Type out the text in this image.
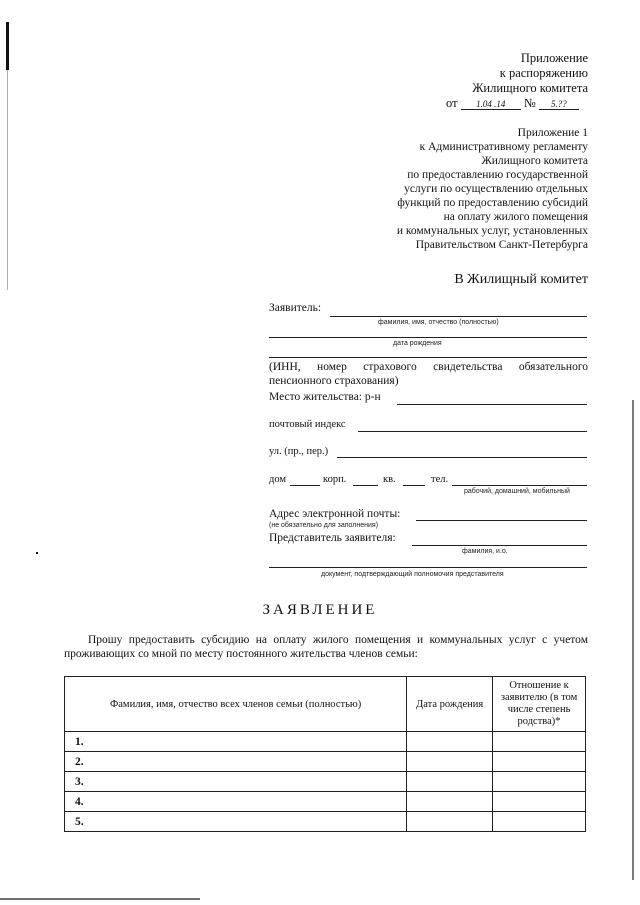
Приложение
к распоряжению
Жилищного комитета
от 1.04 .14 № 5.??
Приложение 1
к Административному регламенту
Жилищного комитета
по предоставлению государственной
услуги по осуществлению отдельных
функций по предоставлению субсидий
на оплату жилого помещения
и коммунальных услуг, установленных
Правительством Санкт-Петербурга
В Жилищный комитет
Заявитель:
фамилия, имя, отчество (полностью)
дата рождения
(ИНН, номер страхового свидетельства обязательного пенсионного страхования)
Место жительства: р-н
почтовый индекс
ул. (пр., пер.)
дом	корп.	кв.	тел.
рабочий, домашний, мобильный
Адрес электронной почты:
(не обязательно для заполнения)
Представитель заявителя:
фамилия, и.о.
документ, подтверждающий полномочия представителя
ЗАЯВЛЕНИЕ
Прошу предоставить субсидию на оплату жилого помещения и коммунальных услуг с учетом проживающих со мной по месту постоянного жительства членов семьи:
Фамилия, имя, отчество всех членов семьи (полностью)	Дата рождения	Отношение к заявителю (в том числе степень родства)*
1.		
2.		
3.		
4.		
5.		
